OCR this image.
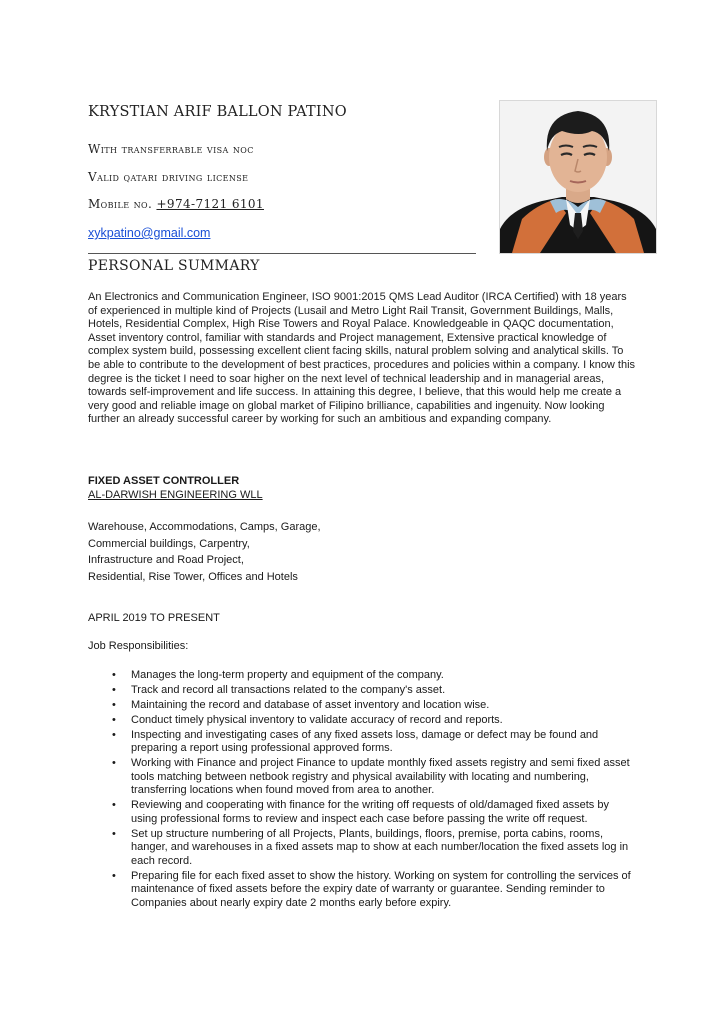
KRYSTIAN ARIF BALLON PATINO
With transferrable visa noc
Valid qatari driving license
Mobile no. +974-7121 6101
xykpatino@gmail.com
PERSONAL SUMMARY

An Electronics and Communication Engineer, ISO 9001:2015 QMS Lead Auditor (IRCA Certified) with 18 years of experienced in multiple kind of Projects (Lusail and Metro Light Rail Transit, Government Buildings, Malls, Hotels, Residential Complex, High Rise Towers and Royal Palace. Knowledgeable in QAQC documentation, Asset inventory control, familiar with standards and Project management, Extensive practical knowledge of complex system build, possessing excellent client facing skills, natural problem solving and analytical skills. To be able to contribute to the development of best practices, procedures and policies within a company. I know this degree is the ticket I need to soar higher on the next level of technical leadership and in managerial areas, towards self-improvement and life success. In attaining this degree, I believe, that this would help me create a very good and reliable image on global market of Filipino brilliance, capabilities and ingenuity. Now looking further an already successful career by working for such an ambitious and expanding company.

FIXED ASSET CONTROLLER
AL-DARWISH ENGINEERING WLL
Warehouse, Accommodations, Camps, Garage,
Commercial buildings, Carpentry,
Infrastructure and Road Project,
Residential, Rise Tower, Offices and Hotels
APRIL 2019 TO PRESENT
Job Responsibilities:
• Manages the long-term property and equipment of the company.
• Track and record all transactions related to the company's asset.
• Maintaining the record and database of asset inventory and location wise.
• Conduct timely physical inventory to validate accuracy of record and reports.
• Inspecting and investigating cases of any fixed assets loss, damage or defect may be found and preparing a report using professional approved forms.
• Working with Finance and project Finance to update monthly fixed assets registry and semi fixed asset tools matching between netbook registry and physical availability with locating and numbering, transferring locations when found moved from area to another.
• Reviewing and cooperating with finance for the writing off requests of old/damaged fixed assets by using professional forms to review and inspect each case before passing the write off request.
• Set up structure numbering of all Projects, Plants, buildings, floors, premise, porta cabins, rooms, hanger, and warehouses in a fixed assets map to show at each number/location the fixed assets log in each record.
• Preparing file for each fixed asset to show the history. Working on system for controlling the services of maintenance of fixed assets before the expiry date of warranty or guarantee. Sending reminder to Companies about nearly expiry date 2 months early before expiry.
